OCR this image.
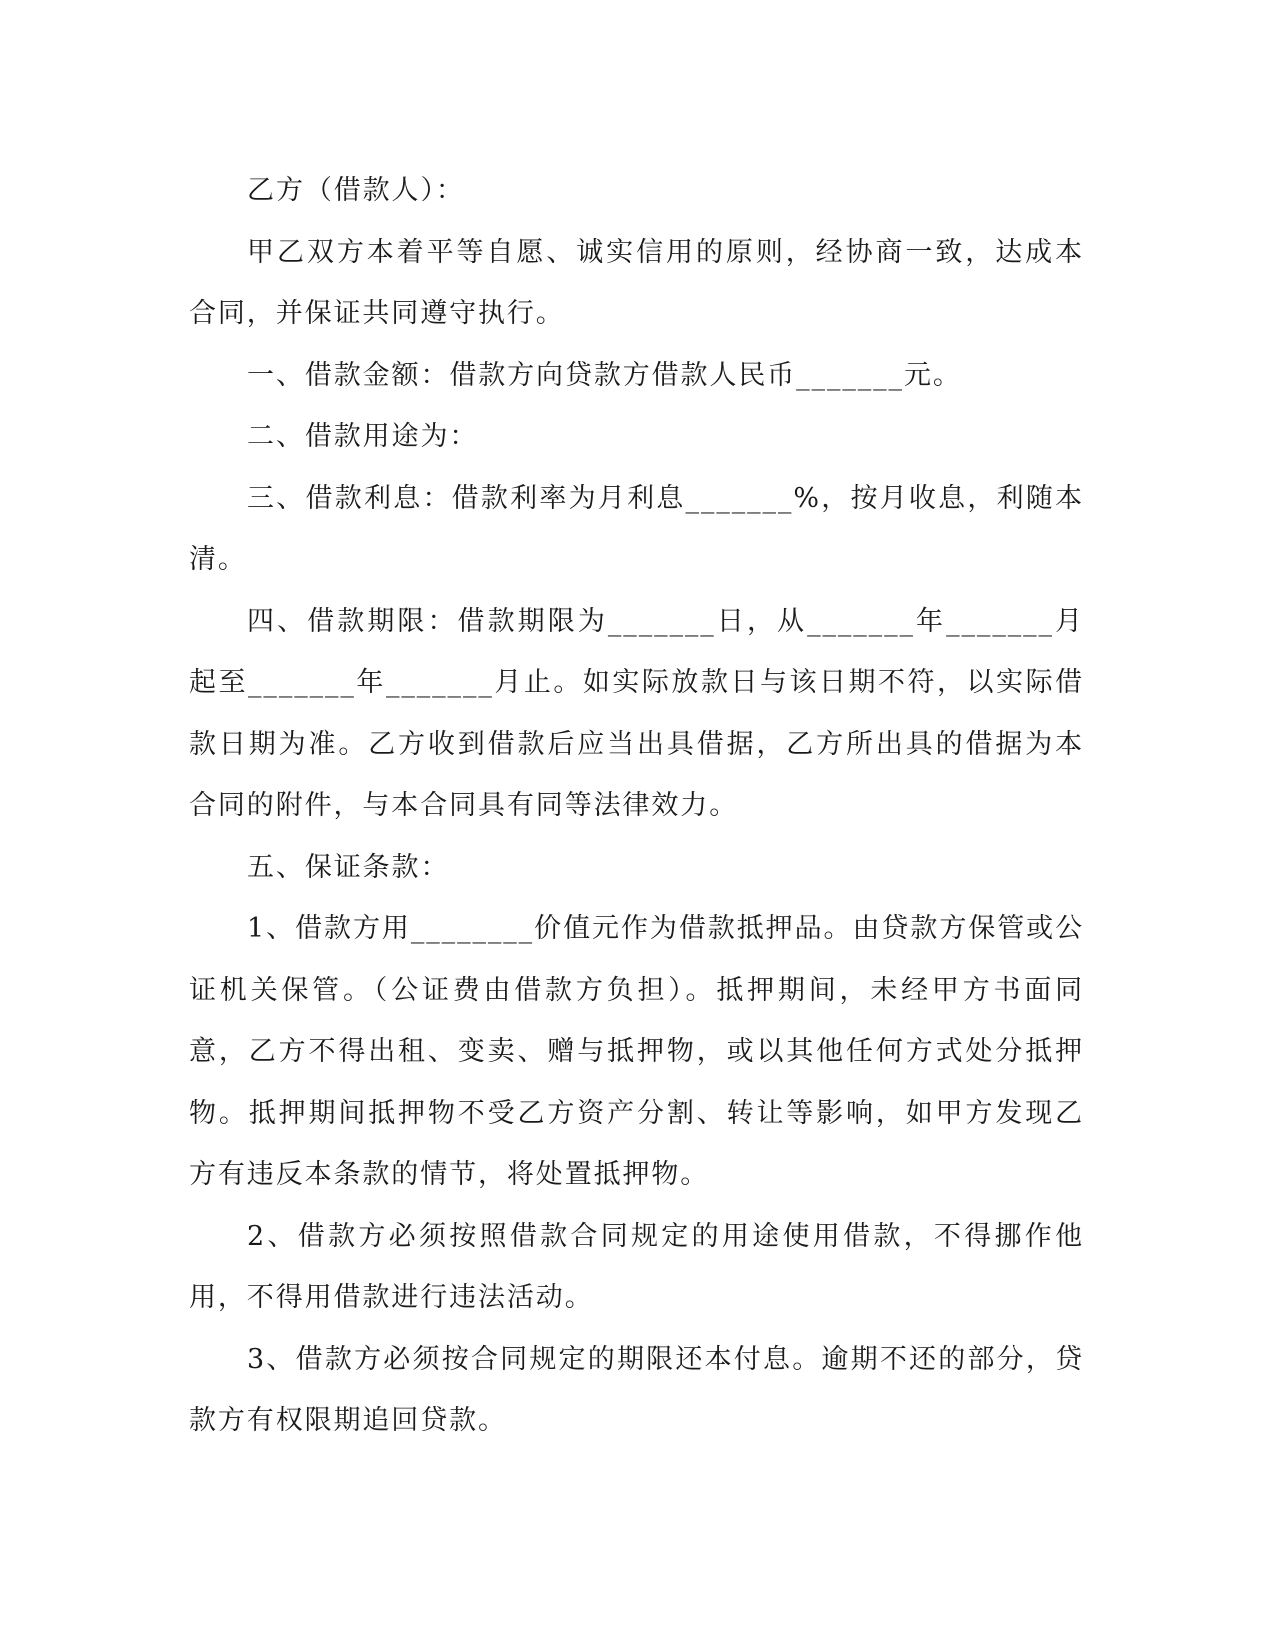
乙方（借款人）：

甲乙双方本着平等自愿、诚实信用的原则，经协商一致，达成本合同，并保证共同遵守执行。

一、借款金额：借款方向贷款方借款人民币_______元。

二、借款用途为：

三、借款利息：借款利率为月利息_______%，按月收息，利随本清。

四、借款期限：借款期限为_______日，从_______年_______月起至_______年_______月止。如实际放款日与该日期不符，以实际借款日期为准。乙方收到借款后应当出具借据，乙方所出具的借据为本合同的附件，与本合同具有同等法律效力。

五、保证条款：

1、借款方用________价值元作为借款抵押品。由贷款方保管或公证机关保管。（公证费由借款方负担）。抵押期间，未经甲方书面同意，乙方不得出租、变卖、赠与抵押物，或以其他任何方式处分抵押物。抵押期间抵押物不受乙方资产分割、转让等影响，如甲方发现乙方有违反本条款的情节，将处置抵押物。

2、借款方必须按照借款合同规定的用途使用借款，不得挪作他用，不得用借款进行违法活动。

3、借款方必须按合同规定的期限还本付息。逾期不还的部分，贷款方有权限期追回贷款。
